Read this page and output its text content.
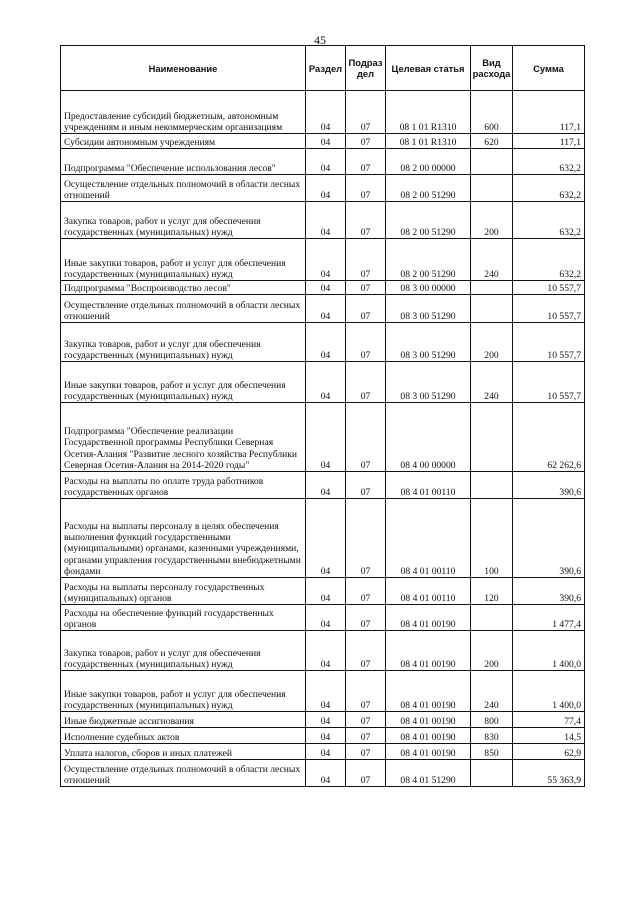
45
Наименование	Раздел	Подраз дел	Целевая статья	Вид расхода	Сумма
Предоставление субсидий бюджетным, автономным учреждениям и иным некоммерческим организациям	04	07	08 1 01 R1310	600	117,1
Субсидии автономным учреждениям	04	07	08 1 01 R1310	620	117,1
Подпрограмма "Обеспечение использования лесов"	04	07	08 2 00 00000		632,2
Осуществление отдельных полномочий в области лесных отношений	04	07	08 2 00 51290		632,2
Закупка товаров, работ и услуг для обеспечения государственных (муниципальных) нужд	04	07	08 2 00 51290	200	632,2
Иные закупки товаров, работ и услуг для обеспечения государственных (муниципальных) нужд	04	07	08 2 00 51290	240	632,2
Подпрограмма "Воспроизводство лесов"	04	07	08 3 00 00000		10 557,7
Осуществление отдельных полномочий в области лесных отношений	04	07	08 3 00 51290		10 557,7
Закупка товаров, работ и услуг для обеспечения государственных (муниципальных) нужд	04	07	08 3 00 51290	200	10 557,7
Иные закупки товаров, работ и услуг для обеспечения государственных (муниципальных) нужд	04	07	08 3 00 51290	240	10 557,7
Подпрограмма "Обеспечение реализации Государственной программы Республики Северная Осетия-Алания "Развитие лесного хозяйства Республики Северная Осетия-Алания на 2014-2020 годы"	04	07	08 4 00 00000		62 262,6
Расходы на выплаты по оплате труда работников государственных органов	04	07	08 4 01 00110		390,6
Расходы на выплаты персоналу в целях обеспечения выполнения функций государственными (муниципальными) органами, казенными учреждениями, органами управления государственными внебюджетными фондами	04	07	08 4 01 00110	100	390,6
Расходы на выплаты персоналу государственных (муниципальных) органов	04	07	08 4 01 00110	120	390,6
Расходы на обеспечение функций государственных органов	04	07	08 4 01 00190		1 477,4
Закупка товаров, работ и услуг для обеспечения государственных (муниципальных) нужд	04	07	08 4 01 00190	200	1 400,0
Иные закупки товаров, работ и услуг для обеспечения государственных (муниципальных) нужд	04	07	08 4 01 00190	240	1 400,0
Иные бюджетные ассигнования	04	07	08 4 01 00190	800	77,4
Исполнение судебных актов	04	07	08 4 01 00190	830	14,5
Уплата налогов, сборов и иных платежей	04	07	08 4 01 00190	850	62,9
Осуществление отдельных полномочий в области лесных отношений	04	07	08 4 01 51290		55 363,9
